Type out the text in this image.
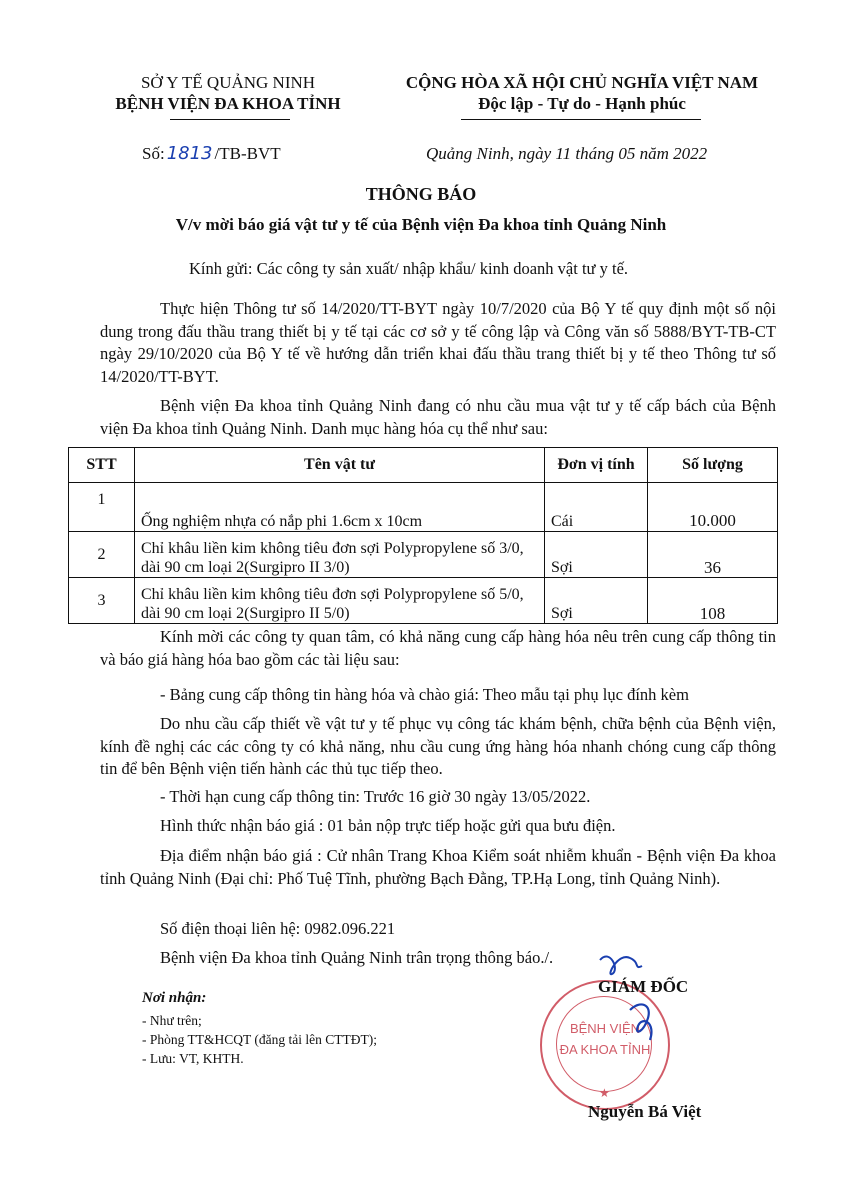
SỞ Y TẾ QUẢNG NINH
BỆNH VIỆN ĐA KHOA TỈNH
CỘNG HÒA XÃ HỘI CHỦ NGHĨA VIỆT NAM
Độc lập - Tự do - Hạnh phúc
Số: 1813 /TB-BVT	Quảng Ninh, ngày 11 tháng 05 năm 2022
THÔNG BÁO
V/v mời báo giá vật tư y tế của Bệnh viện Đa khoa tỉnh Quảng Ninh
Kính gửi: Các công ty sản xuất/ nhập khẩu/ kinh doanh vật tư y tế.
Thực hiện Thông tư số 14/2020/TT-BYT ngày 10/7/2020 của Bộ Y tế quy định một số nội dung trong đấu thầu trang thiết bị y tế tại các cơ sở y tế công lập và Công văn số 5888/BYT-TB-CT ngày 29/10/2020 của Bộ Y tế về hướng dẫn triển khai đấu thầu trang thiết bị y tế theo Thông tư số 14/2020/TT-BYT.
Bệnh viện Đa khoa tỉnh Quảng Ninh đang có nhu cầu mua vật tư y tế cấp bách của Bệnh viện Đa khoa tỉnh Quảng Ninh. Danh mục hàng hóa cụ thể như sau:
STT	Tên vật tư	Đơn vị tính	Số lượng
1	Ống nghiệm nhựa có nắp phi 1.6cm x 10cm	Cái	10.000
2	Chỉ khâu liền kim không tiêu đơn sợi Polypropylene số 3/0, dài 90 cm loại 2(Surgipro II 3/0)	Sợi	36
3	Chỉ khâu liền kim không tiêu đơn sợi Polypropylene số 5/0, dài 90 cm loại 2(Surgipro II 5/0)	Sợi	108
Kính mời các công ty quan tâm, có khả năng cung cấp hàng hóa nêu trên cung cấp thông tin và báo giá hàng hóa bao gồm các tài liệu sau:
- Bảng cung cấp thông tin hàng hóa và chào giá: Theo mẫu tại phụ lục đính kèm
Do nhu cầu cấp thiết về vật tư y tế phục vụ công tác khám bệnh, chữa bệnh của Bệnh viện, kính đề nghị các các công ty có khả năng, nhu cầu cung ứng hàng hóa nhanh chóng cung cấp thông tin để bên Bệnh viện tiến hành các thủ tục tiếp theo.
- Thời hạn cung cấp thông tin: Trước 16 giờ 30 ngày 13/05/2022.
Hình thức nhận báo giá : 01 bản nộp trực tiếp hoặc gửi qua bưu điện.
Địa điểm nhận báo giá : Cử nhân Trang Khoa Kiểm soát nhiễm khuẩn - Bệnh viện Đa khoa tỉnh Quảng Ninh (Đại chỉ: Phố Tuệ Tĩnh, phường Bạch Đằng, TP.Hạ Long, tỉnh Quảng Ninh).
Số điện thoại liên hệ: 0982.096.221
Bệnh viện Đa khoa tỉnh Quảng Ninh trân trọng thông báo./.
Nơi nhận:
- Như trên;
- Phòng TT&HCQT (đăng tải lên CTTĐT);
- Lưu: VT, KHTH.
BỆNH VIỆN
ĐA KHOA TỈNH
★
GIÁM ĐỐC
Nguyễn Bá Việt
